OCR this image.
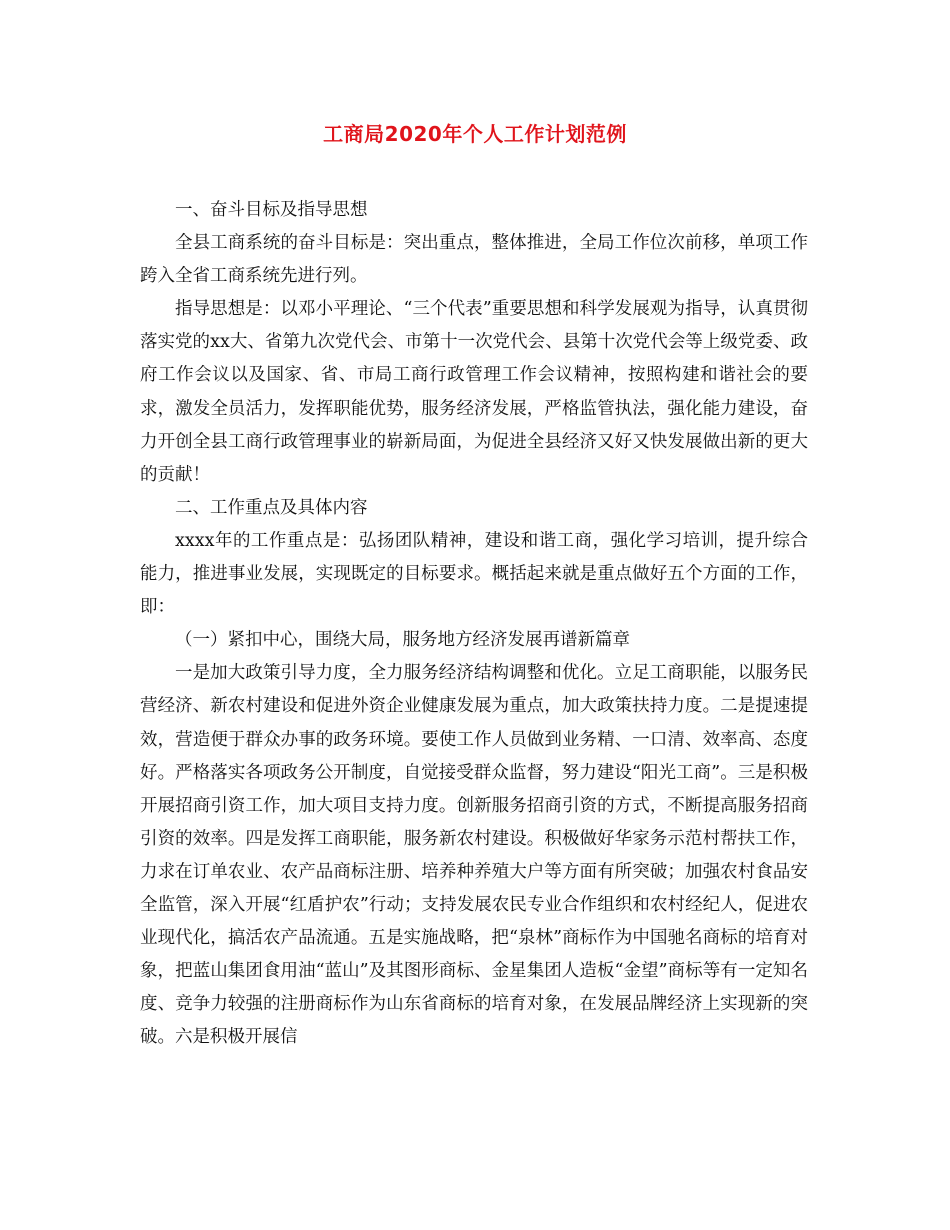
工商局2020年个人工作计划范例

一、奋斗目标及指导思想

全县工商系统的奋斗目标是：突出重点，整体推进，全局工作位次前移，单项工作跨入全省工商系统先进行列。

指导思想是：以邓小平理论、“三个代表”重要思想和科学发展观为指导，认真贯彻落实党的xx大、省第九次党代会、市第十一次党代会、县第十次党代会等上级党委、政府工作会议以及国家、省、市局工商行政管理工作会议精神，按照构建和谐社会的要求，激发全员活力，发挥职能优势，服务经济发展，严格监管执法，强化能力建设，奋力开创全县工商行政管理事业的崭新局面，为促进全县经济又好又快发展做出新的更大的贡献！

二、工作重点及具体内容

xxxx年的工作重点是：弘扬团队精神，建设和谐工商，强化学习培训，提升综合能力，推进事业发展，实现既定的目标要求。概括起来就是重点做好五个方面的工作，即：

（一）紧扣中心，围绕大局，服务地方经济发展再谱新篇章

一是加大政策引导力度，全力服务经济结构调整和优化。立足工商职能，以服务民营经济、新农村建设和促进外资企业健康发展为重点，加大政策扶持力度。二是提速提效，营造便于群众办事的政务环境。要使工作人员做到业务精、一口清、效率高、态度好。严格落实各项政务公开制度，自觉接受群众监督，努力建设“阳光工商”。三是积极开展招商引资工作，加大项目支持力度。创新服务招商引资的方式，不断提高服务招商引资的效率。四是发挥工商职能，服务新农村建设。积极做好华家务示范村帮扶工作，力求在订单农业、农产品商标注册、培养种养殖大户等方面有所突破；加强农村食品安全监管，深入开展“红盾护农”行动；支持发展农民专业合作组织和农村经纪人，促进农业现代化，搞活农产品流通。五是实施战略，把“泉林”商标作为中国驰名商标的培育对象，把蓝山集团食用油“蓝山”及其图形商标、金星集团人造板“金望”商标等有一定知名度、竞争力较强的注册商标作为山东省商标的培育对象，在发展品牌经济上实现新的突破。六是积极开展信
